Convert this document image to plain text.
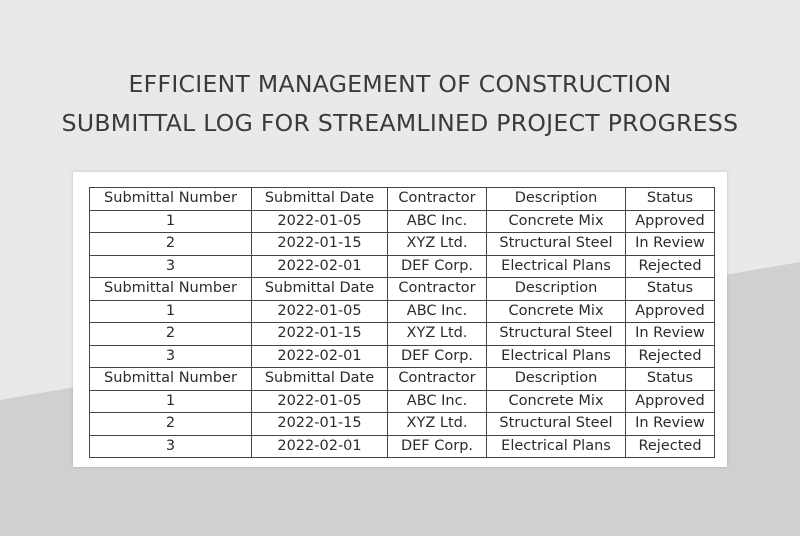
EFFICIENT MANAGEMENT OF CONSTRUCTION
SUBMITTAL LOG FOR STREAMLINED PROJECT PROGRESS
Submittal Number	Submittal Date	Contractor	Description	Status
1	2022-01-05	ABC Inc.	Concrete Mix	Approved
2	2022-01-15	XYZ Ltd.	Structural Steel	In Review
3	2022-02-01	DEF Corp.	Electrical Plans	Rejected
Submittal Number	Submittal Date	Contractor	Description	Status
1	2022-01-05	ABC Inc.	Concrete Mix	Approved
2	2022-01-15	XYZ Ltd.	Structural Steel	In Review
3	2022-02-01	DEF Corp.	Electrical Plans	Rejected
Submittal Number	Submittal Date	Contractor	Description	Status
1	2022-01-05	ABC Inc.	Concrete Mix	Approved
2	2022-01-15	XYZ Ltd.	Structural Steel	In Review
3	2022-02-01	DEF Corp.	Electrical Plans	Rejected
